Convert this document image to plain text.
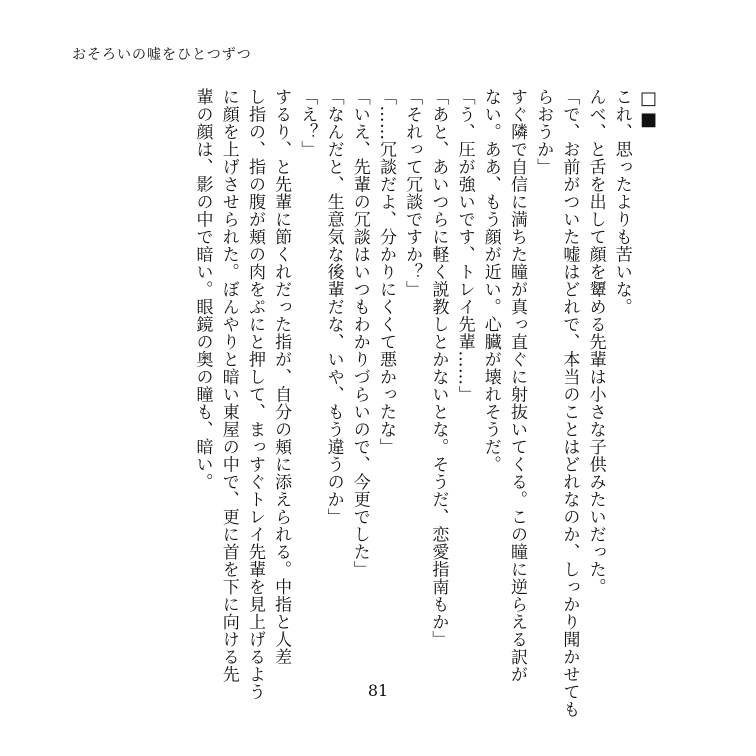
おそろいの嘘をひとつずつ
□■
これ、思ったよりも苦いな。
んべ、と舌を出して顔を顰める先輩は小さな子供みたいだった。
「で、お前がついた嘘はどれで、本当のことはどれなのか、しっかり聞かせても
らおうか」
すぐ隣で自信に満ちた瞳が真っ直ぐに射抜いてくる。この瞳に逆らえる訳が
ない。ああ、もう顔が近い。心臓が壊れそうだ。
「う、圧が強いです、トレイ先輩……」
「あと、あいつらに軽く説教しとかないとな。そうだ、恋愛指南もか」
「それって冗談ですか？」
「……冗談だよ、分かりにくくて悪かったな」
「いえ、先輩の冗談はいつもわかりづらいので、今更でした」
「なんだと、生意気な後輩だな、いや、もう違うのか」
「え？」
するり、と先輩に節くれだった指が、自分の頬に添えられる。中指と人差
し指の、指の腹が頬の肉をぷにと押して、まっすぐトレイ先輩を見上げるよう
に顔を上げさせられた。ぼんやりと暗い東屋の中で、更に首を下に向ける先
輩の顔は、影の中で暗い。眼鏡の奥の瞳も、暗い。
81
